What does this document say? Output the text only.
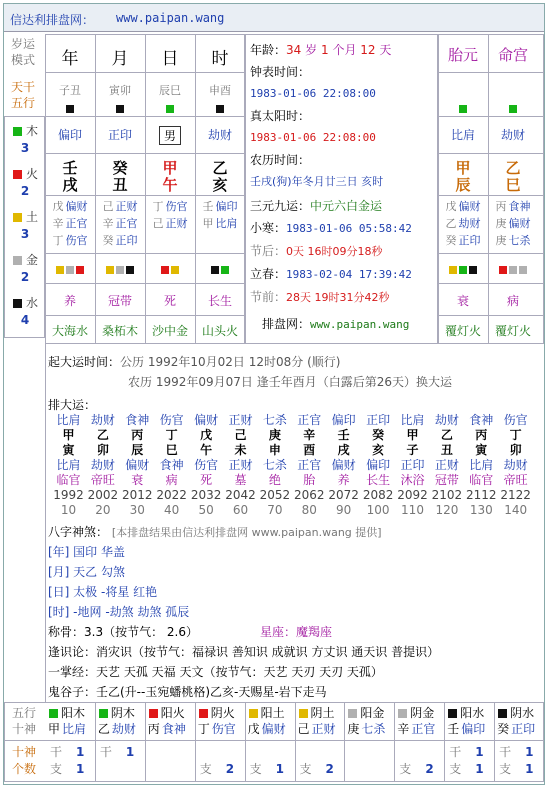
信达利排盘网： www.paipan.wang
岁运
模式
天干
五行
木
3
火
2
土
3
金
2
水
4
年
子丑
偏印
壬
戌
戊 偏财
辛 正官
丁 伤官
养
大海水
月
寅卯
正印
癸
丑
己 正财
辛 正官
癸 正印
冠带
桑柘木
日
辰巳
男
甲
午
丁 伤官
己 正财
死
沙中金
时
申酉
劫财
乙
亥
壬 偏印
甲 比肩
长生
山头火
年龄：34 岁 1 个月 12 天
钟表时间：
1983-01-06 22:08:00
真太阳时：
1983-01-06 22:08:00
农历时间：
壬戌(狗)年冬月廿三日 亥时
三元九运：中元六白金运
小寒：1983-01-06 05:58:42
节后：0天 16时09分18秒
立春：1983-02-04 17:39:42
节前：28天 19时31分42秒
排盘网：www.paipan.wang
胎元
比肩
甲
辰
戊 偏财
乙 劫财
癸 正印
衰
覆灯火
命宫
劫财
乙
巳
丙 食神
庚 偏财
庚 七杀
病
覆灯火
起大运时间：公历 1992年10月02日 12时08分 (顺行)
农历 1992年09月07日 逢壬年酉月（白露后第26天）换大运
排大运：
比肩
甲
寅
比肩
临官
1992
10
劫财
乙
卯
劫财
帝旺
2002
20
食神
丙
辰
偏财
衰
2012
30
伤官
丁
巳
食神
病
2022
40
偏财
戊
午
伤官
死
2032
50
正财
己
未
正财
墓
2042
60
七杀
庚
申
七杀
绝
2052
70
正官
辛
酉
正官
胎
2062
80
偏印
壬
戌
偏财
养
2072
90
正印
癸
亥
偏印
长生
2082
100
比肩
甲
子
正印
沐浴
2092
110
劫财
乙
丑
正财
冠带
2102
120
食神
丙
寅
比肩
临官
2112
130
伤官
丁
卯
劫财
帝旺
2122
140
八字神煞： [本排盘结果由信达利排盘网 www.paipan.wang 提供]
[年] 国印 华盖
[月] 天乙 勾煞
[日] 太极 -将星 红艳
[时] -地网 -劫煞 劫煞 孤辰
称骨：3.3（按节气： 2.6）	星座：魔羯座
逢识论：消灾识（按节气：福禄识 善知识 成就识 方丈识 通天识 普提识）
一掌经：天艺 天孤 天福 天文（按节气：天艺 天刃 天刃 天孤）
鬼谷子：壬乙(升--玉宛蟠桃格)乙亥-天赐星-岩下走马
五行
十神
十神
个数
阳木
甲 比肩
干 1
支 1
阴木
乙 劫财
干 1
阳火
丙 食神
阴火
丁 伤官
支 2
阳土
戊 偏财
支 1
阴土
己 正财
支 2
阳金
庚 七杀
阴金
辛 正官
支 2
阳水
壬 偏印
干 1
支 1
阴水
癸 正印
干 1
支 1
